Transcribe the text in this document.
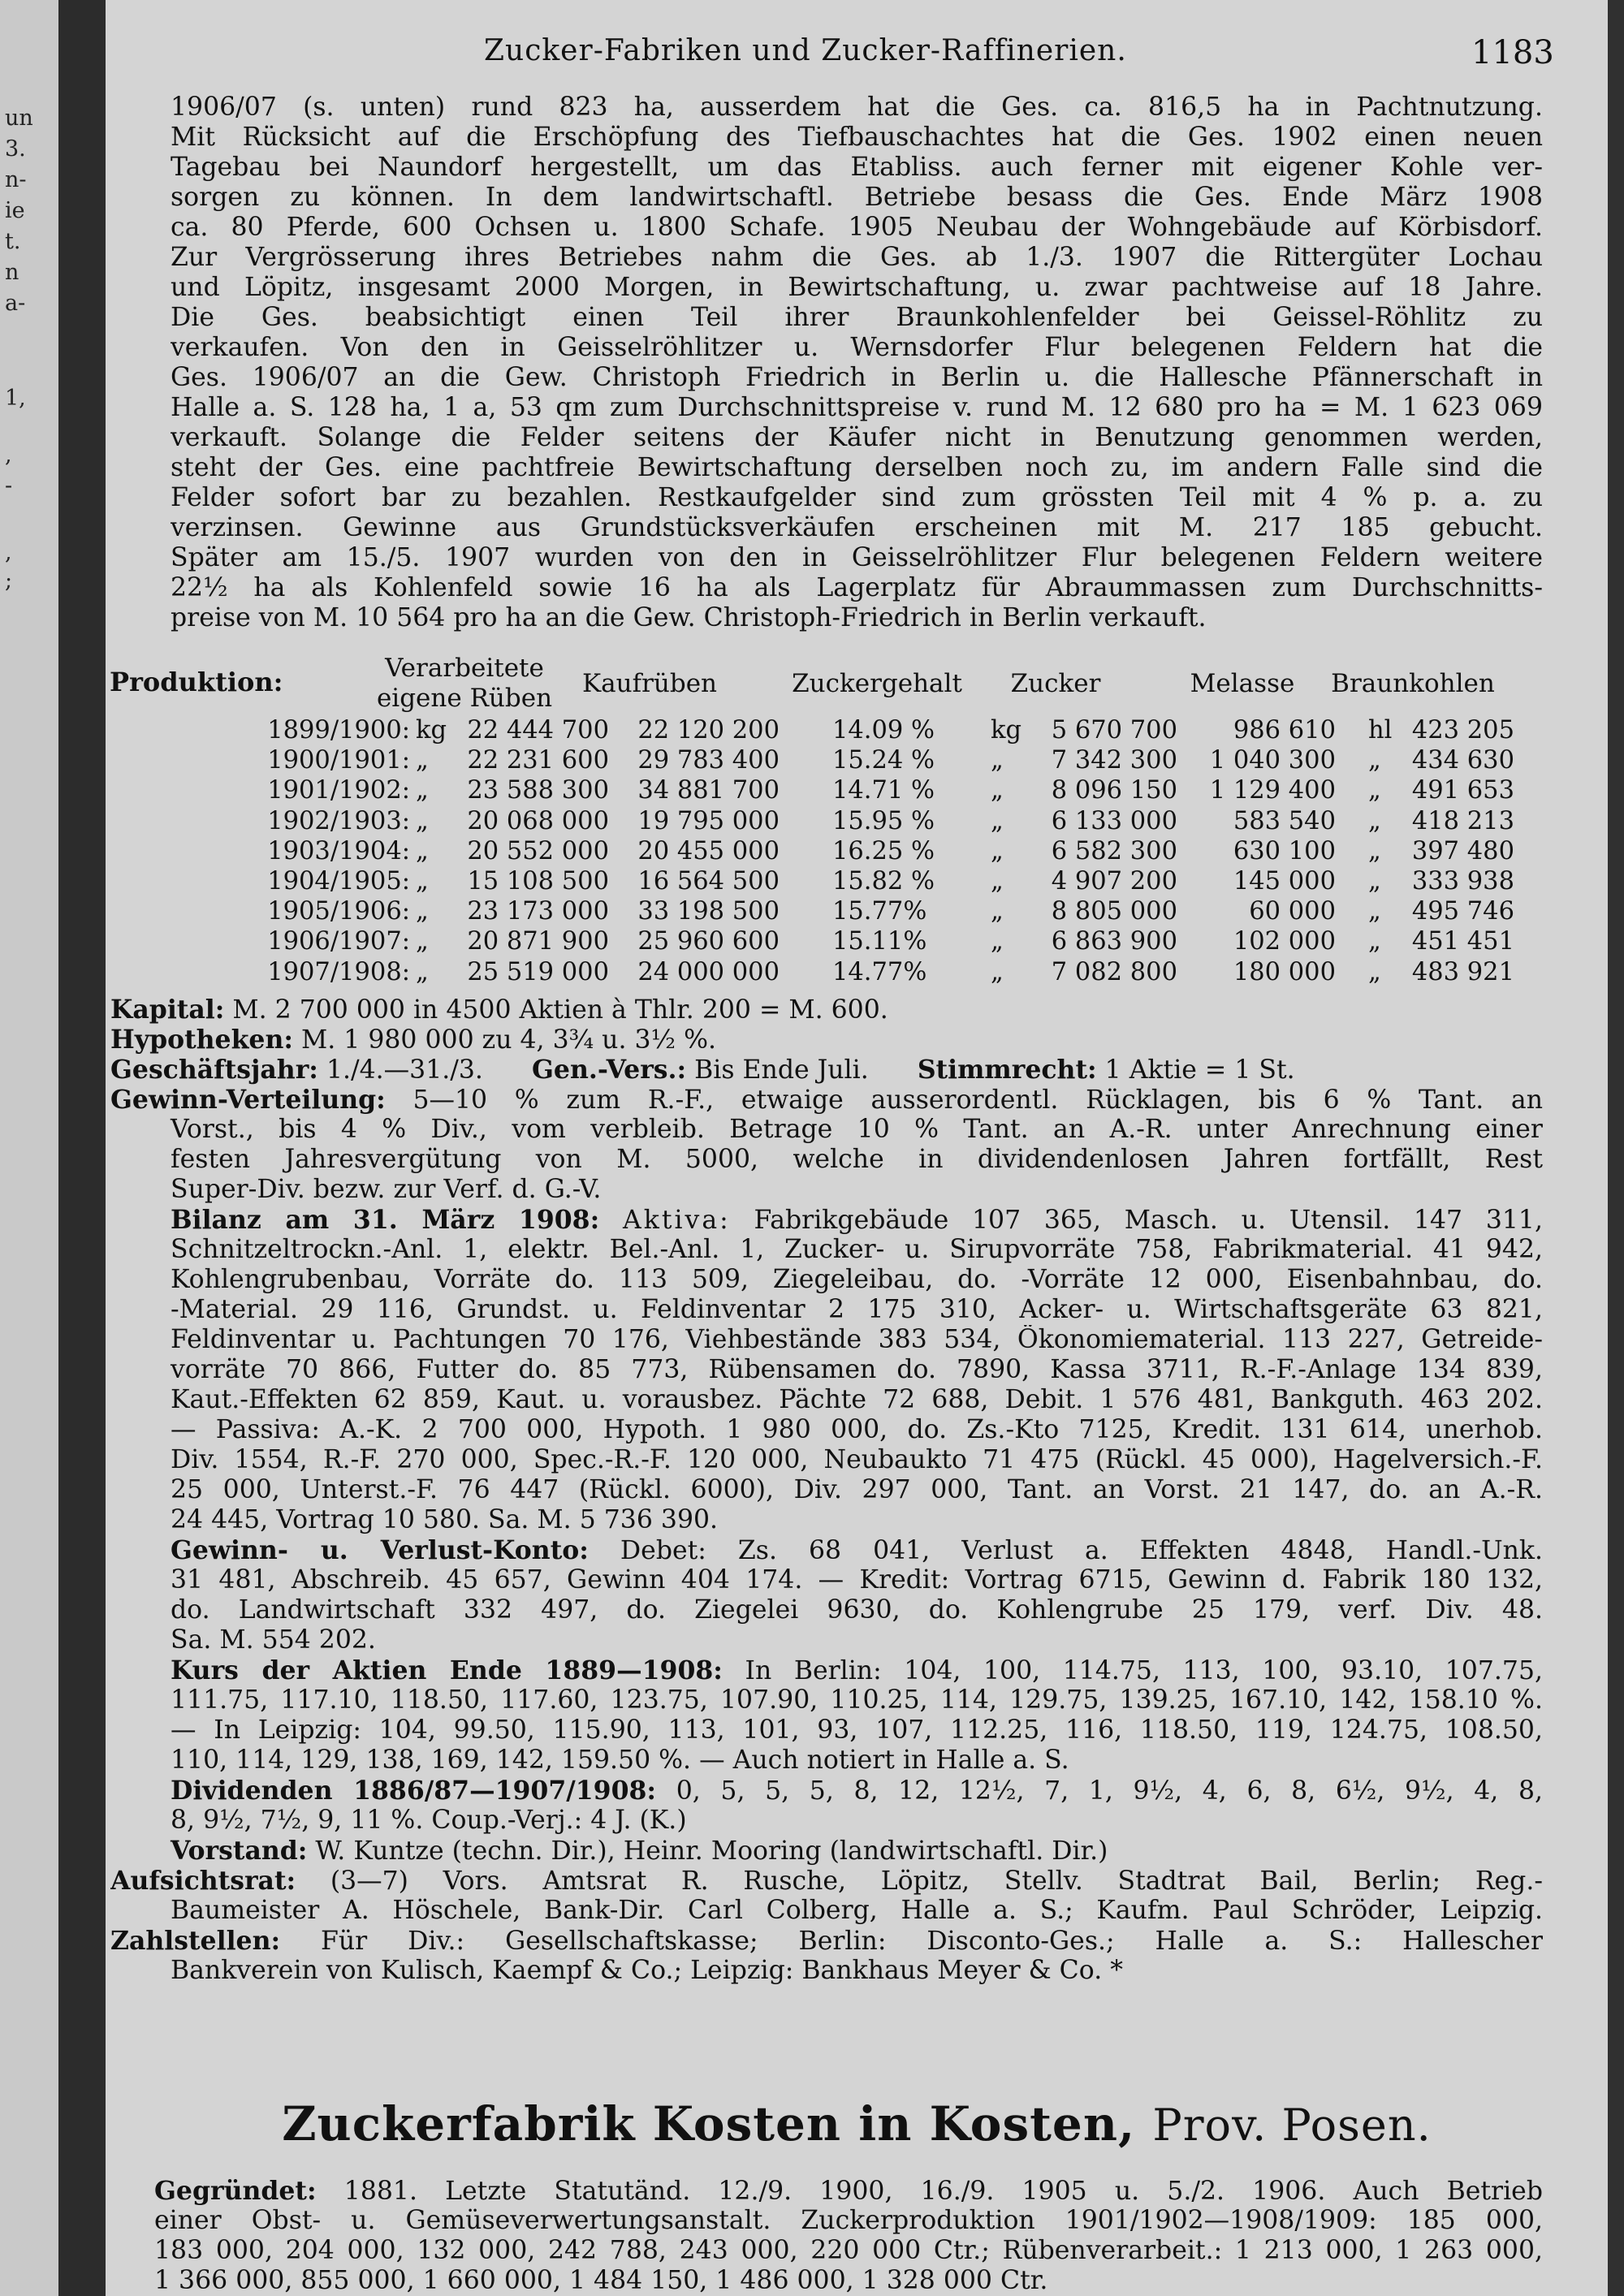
un
3.
n-
ie
t.
n
a-
1,
,
-
,
;
Zucker-Fabriken und Zucker-Raffinerien.	1183
1906/07 (s. unten) rund 823 ha, ausserdem hat die Ges. ca. 816,5 ha in Pachtnutzung.
Mit Rücksicht auf die Erschöpfung des Tiefbauschachtes hat die Ges. 1902 einen neuen
Tagebau bei Naundorf hergestellt, um das Etabliss. auch ferner mit eigener Kohle ver-
sorgen zu können. In dem landwirtschaftl. Betriebe besass die Ges. Ende März 1908
ca. 80 Pferde, 600 Ochsen u. 1800 Schafe. 1905 Neubau der Wohngebäude auf Körbisdorf.
Zur Vergrösserung ihres Betriebes nahm die Ges. ab 1./3. 1907 die Rittergüter Lochau
und Löpitz, insgesamt 2000 Morgen, in Bewirtschaftung, u. zwar pachtweise auf 18 Jahre.
Die Ges. beabsichtigt einen Teil ihrer Braunkohlenfelder bei Geissel-Röhlitz zu
verkaufen. Von den in Geisselröhlitzer u. Wernsdorfer Flur belegenen Feldern hat die
Ges. 1906/07 an die Gew. Christoph Friedrich in Berlin u. die Hallesche Pfännerschaft in
Halle a. S. 128 ha, 1 a, 53 qm zum Durchschnittspreise v. rund M. 12 680 pro ha = M. 1 623 069
verkauft. Solange die Felder seitens der Käufer nicht in Benutzung genommen werden,
steht der Ges. eine pachtfreie Bewirtschaftung derselben noch zu, im andern Falle sind die
Felder sofort bar zu bezahlen. Restkaufgelder sind zum grössten Teil mit 4 % p. a. zu
verzinsen. Gewinne aus Grundstücksverkäufen erscheinen mit M. 217 185 gebucht.
Später am 15./5. 1907 wurden von den in Geisselröhlitzer Flur belegenen Feldern weitere
22½ ha als Kohlenfeld sowie 16 ha als Lagerplatz für Abraummassen zum Durchschnitts-
preise von M. 10 564 pro ha an die Gew. Christoph-Friedrich in Berlin verkauft.
Produktion:	Verarbeitete
eigene Rüben	Kaufrüben	Zuckergehalt	Zucker	Melasse	Braunkohlen
1899/1900: kg 22 444 700	22 120 200	14.09 %	kg	5 670 700	986 610 hl 423 205
1900/1901: „	22 231 600	29 783 400	15.24 %	„	7 342 300	1 040 300 „	434 630
1901/1902: „	23 588 300	34 881 700	14.71 %	„	8 096 150	1 129 400 „	491 653
1902/1903: „	20 068 000	19 795 000	15.95 %	„	6 133 000	583 540 „	418 213
1903/1904: „	20 552 000	20 455 000	16.25 %	„	6 582 300	630 100 „	397 480
1904/1905: „	15 108 500	16 564 500	15.82 %	„	4 907 200	145 000 „	333 938
1905/1906: „	23 173 000	33 198 500	15.77%	„	8 805 000	60 000 „	495 746
1906/1907: „	20 871 900	25 960 600	15.11%	„	6 863 900	102 000 „	451 451
1907/1908: „	25 519 000	24 000 000	14.77%	„	7 082 800	180 000 „	483 921
Kapital: M. 2 700 000 in 4500 Aktien à Thlr. 200 = M. 600.
Hypotheken: M. 1 980 000 zu 4, 3¾ u. 3½ %.
Geschäftsjahr: 1./4.—31./3. Gen.-Vers.: Bis Ende Juli. Stimmrecht: 1 Aktie = 1 St.
Gewinn-Verteilung: 5—10 % zum R.-F., etwaige ausserordentl. Rücklagen, bis 6 % Tant. an
Vorst., bis 4 % Div., vom verbleib. Betrage 10 % Tant. an A.-R. unter Anrechnung einer
festen Jahresvergütung von M. 5000, welche in dividendenlosen Jahren fortfällt, Rest
Super-Div. bezw. zur Verf. d. G.-V.
Bilanz am 31. März 1908: Aktiva: Fabrikgebäude 107 365, Masch. u. Utensil. 147 311,
Schnitzeltrockn.-Anl. 1, elektr. Bel.-Anl. 1, Zucker- u. Sirupvorräte 758, Fabrikmaterial. 41 942,
Kohlengrubenbau, Vorräte do. 113 509, Ziegeleibau, do. -Vorräte 12 000, Eisenbahnbau, do.
-Material. 29 116, Grundst. u. Feldinventar 2 175 310, Acker- u. Wirtschaftsgeräte 63 821,
Feldinventar u. Pachtungen 70 176, Viehbestände 383 534, Ökonomiematerial. 113 227, Getreide-
vorräte 70 866, Futter do. 85 773, Rübensamen do. 7890, Kassa 3711, R.-F.-Anlage 134 839,
Kaut.-Effekten 62 859, Kaut. u. vorausbez. Pächte 72 688, Debit. 1 576 481, Bankguth. 463 202.
— Passiva: A.-K. 2 700 000, Hypoth. 1 980 000, do. Zs.-Kto 7125, Kredit. 131 614, unerhob.
Div. 1554, R.-F. 270 000, Spec.-R.-F. 120 000, Neubaukto 71 475 (Rückl. 45 000), Hagelversich.-F.
25 000, Unterst.-F. 76 447 (Rückl. 6000), Div. 297 000, Tant. an Vorst. 21 147, do. an A.-R.
24 445, Vortrag 10 580. Sa. M. 5 736 390.
Gewinn- u. Verlust-Konto: Debet: Zs. 68 041, Verlust a. Effekten 4848, Handl.-Unk.
31 481, Abschreib. 45 657, Gewinn 404 174. — Kredit: Vortrag 6715, Gewinn d. Fabrik 180 132,
do. Landwirtschaft 332 497, do. Ziegelei 9630, do. Kohlengrube 25 179, verf. Div. 48.
Sa. M. 554 202.
Kurs der Aktien Ende 1889—1908: In Berlin: 104, 100, 114.75, 113, 100, 93.10, 107.75,
111.75, 117.10, 118.50, 117.60, 123.75, 107.90, 110.25, 114, 129.75, 139.25, 167.10, 142, 158.10 %.
— In Leipzig: 104, 99.50, 115.90, 113, 101, 93, 107, 112.25, 116, 118.50, 119, 124.75, 108.50,
110, 114, 129, 138, 169, 142, 159.50 %. — Auch notiert in Halle a. S.
Dividenden 1886/87—1907/1908: 0, 5, 5, 5, 8, 12, 12½, 7, 1, 9½, 4, 6, 8, 6½, 9½, 4, 8,
8, 9½, 7½, 9, 11 %. Coup.-Verj.: 4 J. (K.)
Vorstand: W. Kuntze (techn. Dir.), Heinr. Mooring (landwirtschaftl. Dir.)
Aufsichtsrat: (3—7) Vors. Amtsrat R. Rusche, Löpitz, Stellv. Stadtrat Bail, Berlin; Reg.-
Baumeister A. Höschele, Bank-Dir. Carl Colberg, Halle a. S.; Kaufm. Paul Schröder, Leipzig.
Zahlstellen: Für Div.: Gesellschaftskasse; Berlin: Disconto-Ges.; Halle a. S.: Hallescher
Bankverein von Kulisch, Kaempf & Co.; Leipzig: Bankhaus Meyer & Co. *
Zuckerfabrik Kosten in Kosten, Prov. Posen.
Gegründet: 1881. Letzte Statutänd. 12./9. 1900, 16./9. 1905 u. 5./2. 1906. Auch Betrieb
einer Obst- u. Gemüseverwertungsanstalt. Zuckerproduktion 1901/1902—1908/1909: 185 000,
183 000, 204 000, 132 000, 242 788, 243 000, 220 000 Ctr.; Rübenverarbeit.: 1 213 000, 1 263 000,
1 366 000, 855 000, 1 660 000, 1 484 150, 1 486 000, 1 328 000 Ctr.
